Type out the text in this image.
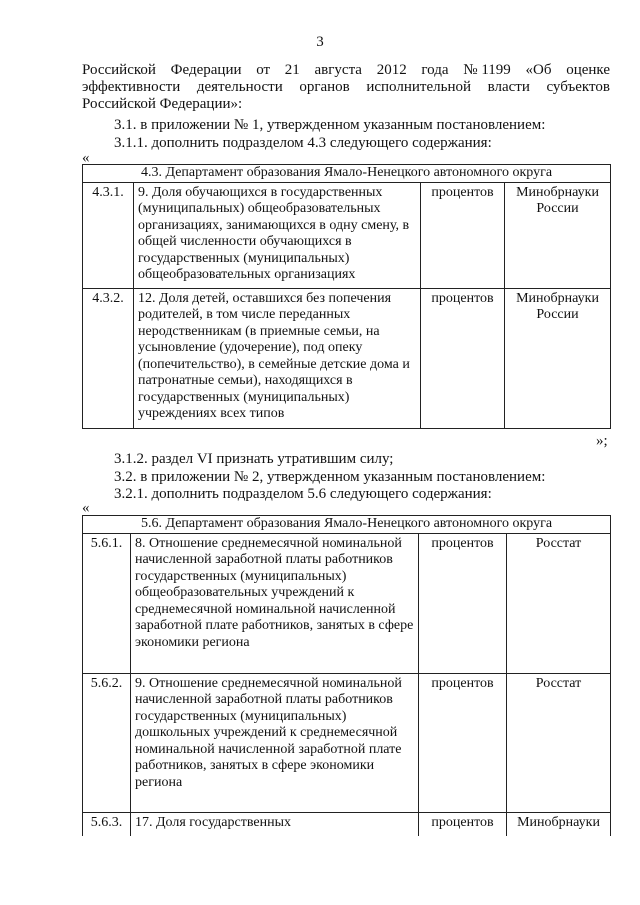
3
Российской Федерации от 21 августа 2012 года № 1199 «Об оценке
эффективности деятельности органов исполнительной власти субъектов
Российской Федерации»:
3.1. в приложении № 1, утвержденном указанным постановлением:
3.1.1. дополнить подразделом 4.3 следующего содержания:
«
4.3. Департамент образования Ямало-Ненецкого автономного округа			
4.3.1.	9. Доля обучающихся в государственных (муниципальных) общеобразовательных организациях, занимающихся в одну смену, в общей численности обучающихся в государственных (муниципальных) общеобразовательных организациях	процентов	Минобрнауки России
4.3.2.	12. Доля детей, оставшихся без попечения родителей, в том числе переданных неродственникам (в приемные семьи, на усыновление (удочерение), под опеку (попечительство), в семейные детские дома и патронатные семьи), находящихся в государственных (муниципальных) учреждениях всех типов	процентов	Минобрнауки России
»;
3.1.2. раздел VI признать утратившим силу;
3.2. в приложении № 2, утвержденном указанным постановлением:
3.2.1. дополнить подразделом 5.6 следующего содержания:
«
5.6. Департамент образования Ямало-Ненецкого автономного округа			
5.6.1.	8. Отношение среднемесячной номинальной начисленной заработной платы работников государственных (муниципальных) общеобразовательных учреждений к среднемесячной номинальной начисленной заработной плате работников, занятых в сфере экономики региона	процентов	Росстат
5.6.2.	9. Отношение среднемесячной номинальной начисленной заработной платы работников государственных (муниципальных) дошкольных учреждений к среднемесячной номинальной начисленной заработной плате работников, занятых в сфере экономики региона	процентов	Росстат
5.6.3.	17. Доля государственных	процентов	Минобрнауки
